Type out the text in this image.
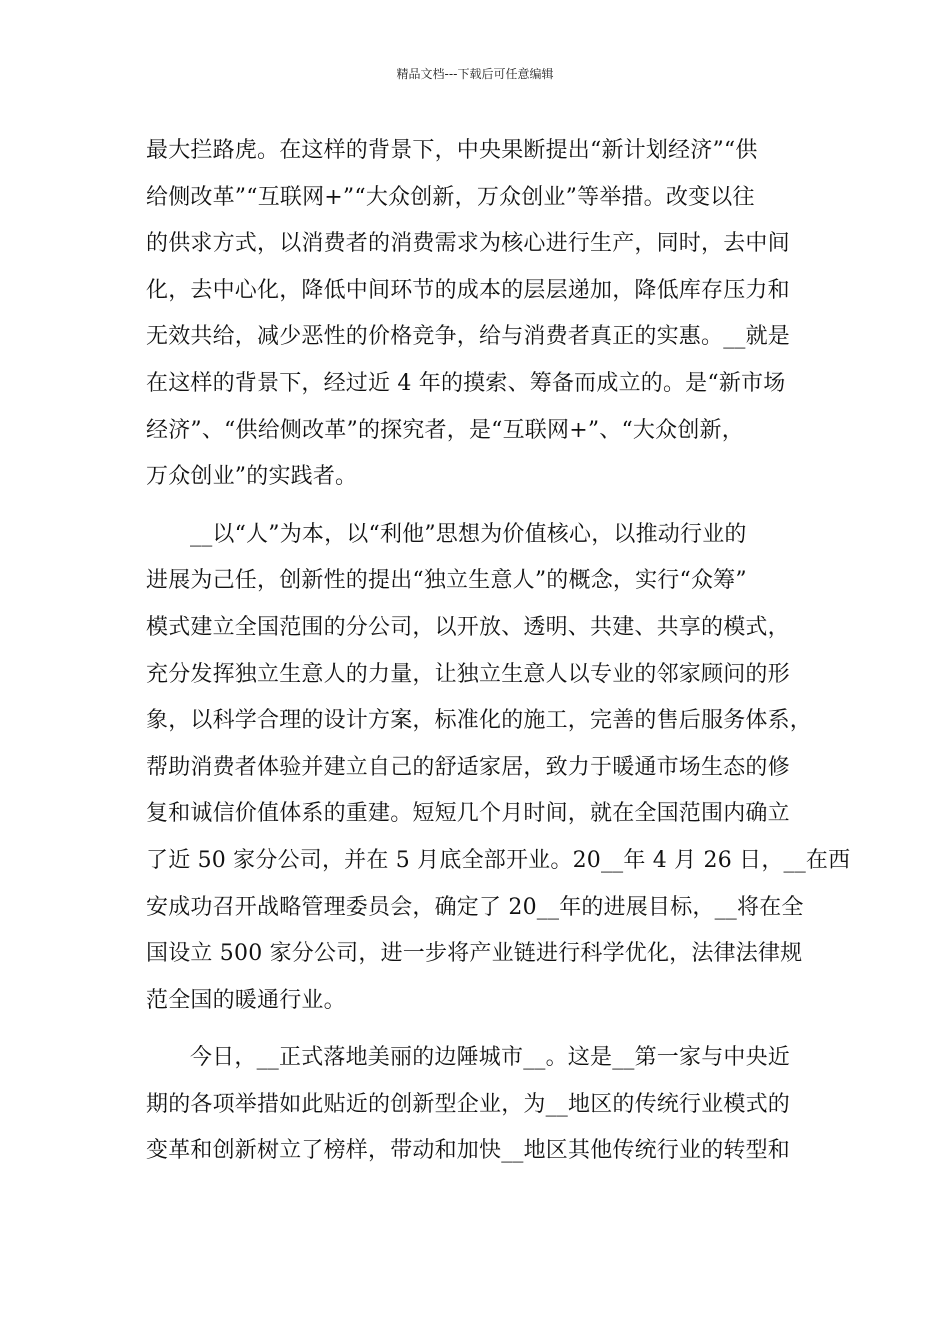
精品文档---下载后可任意编辑

最大拦路虎。在这样的背景下，中央果断提出“新计划经济”“供
给侧改革”“互联网+”“大众创新，万众创业”等举措。改变以往
的供求方式，以消费者的消费需求为核心进行生产，同时，去中间
化，去中心化，降低中间环节的成本的层层递加，降低库存压力和
无效共给，减少恶性的价格竞争，给与消费者真正的实惠。__就是
在这样的背景下，经过近 4 年的摸索、筹备而成立的。是“新市场
经济”、“供给侧改革”的探究者，是“互联网+”、“大众创新，
万众创业”的实践者。

__以“人”为本，以“利他”思想为价值核心，以推动行业的
进展为己任，创新性的提出“独立生意人”的概念，实行“众筹”
模式建立全国范围的分公司，以开放、透明、共建、共享的模式，
充分发挥独立生意人的力量，让独立生意人以专业的邻家顾问的形
象，以科学合理的设计方案，标准化的施工，完善的售后服务体系，
帮助消费者体验并建立自己的舒适家居，致力于暖通市场生态的修
复和诚信价值体系的重建。短短几个月时间，就在全国范围内确立
了近 50 家分公司，并在 5 月底全部开业。20__年 4 月 26 日，__在西
安成功召开战略管理委员会，确定了 20__年的进展目标，__将在全
国设立 500 家分公司，进一步将产业链进行科学优化，法律法律规
范全国的暖通行业。

今日，__正式落地美丽的边陲城市__。这是__第一家与中央近
期的各项举措如此贴近的创新型企业，为__地区的传统行业模式的
变革和创新树立了榜样，带动和加快__地区其他传统行业的转型和
